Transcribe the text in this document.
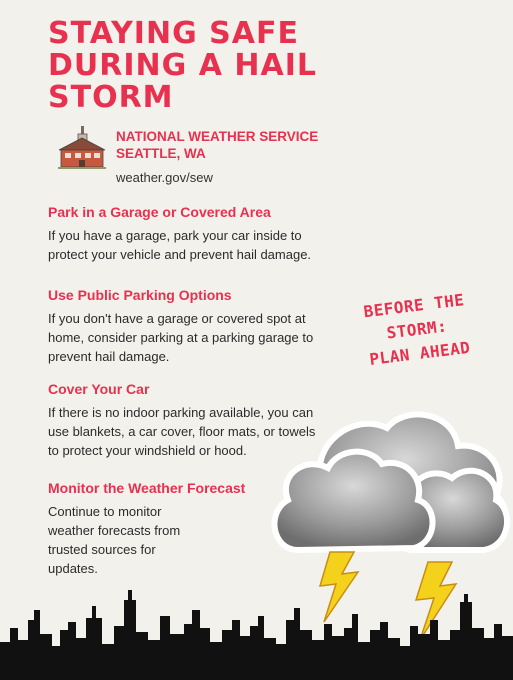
STAYING SAFE DURING A HAIL STORM
NATIONAL WEATHER SERVICE
SEATTLE, WA
weather.gov/sew
Park in a Garage or Covered Area

If you have a garage, park your car inside to protect your vehicle and prevent hail damage.

Use Public Parking Options

If you don't have a garage or covered spot at home, consider parking at a parking garage to prevent hail damage.

Cover Your Car

If there is no indoor parking available, you can use blankets, a car cover, floor mats, or towels to protect your windshield or hood.

Monitor the Weather Forecast

Continue to monitor weather forecasts from trusted sources for updates.

BEFORE THE
STORM:
PLAN AHEAD
